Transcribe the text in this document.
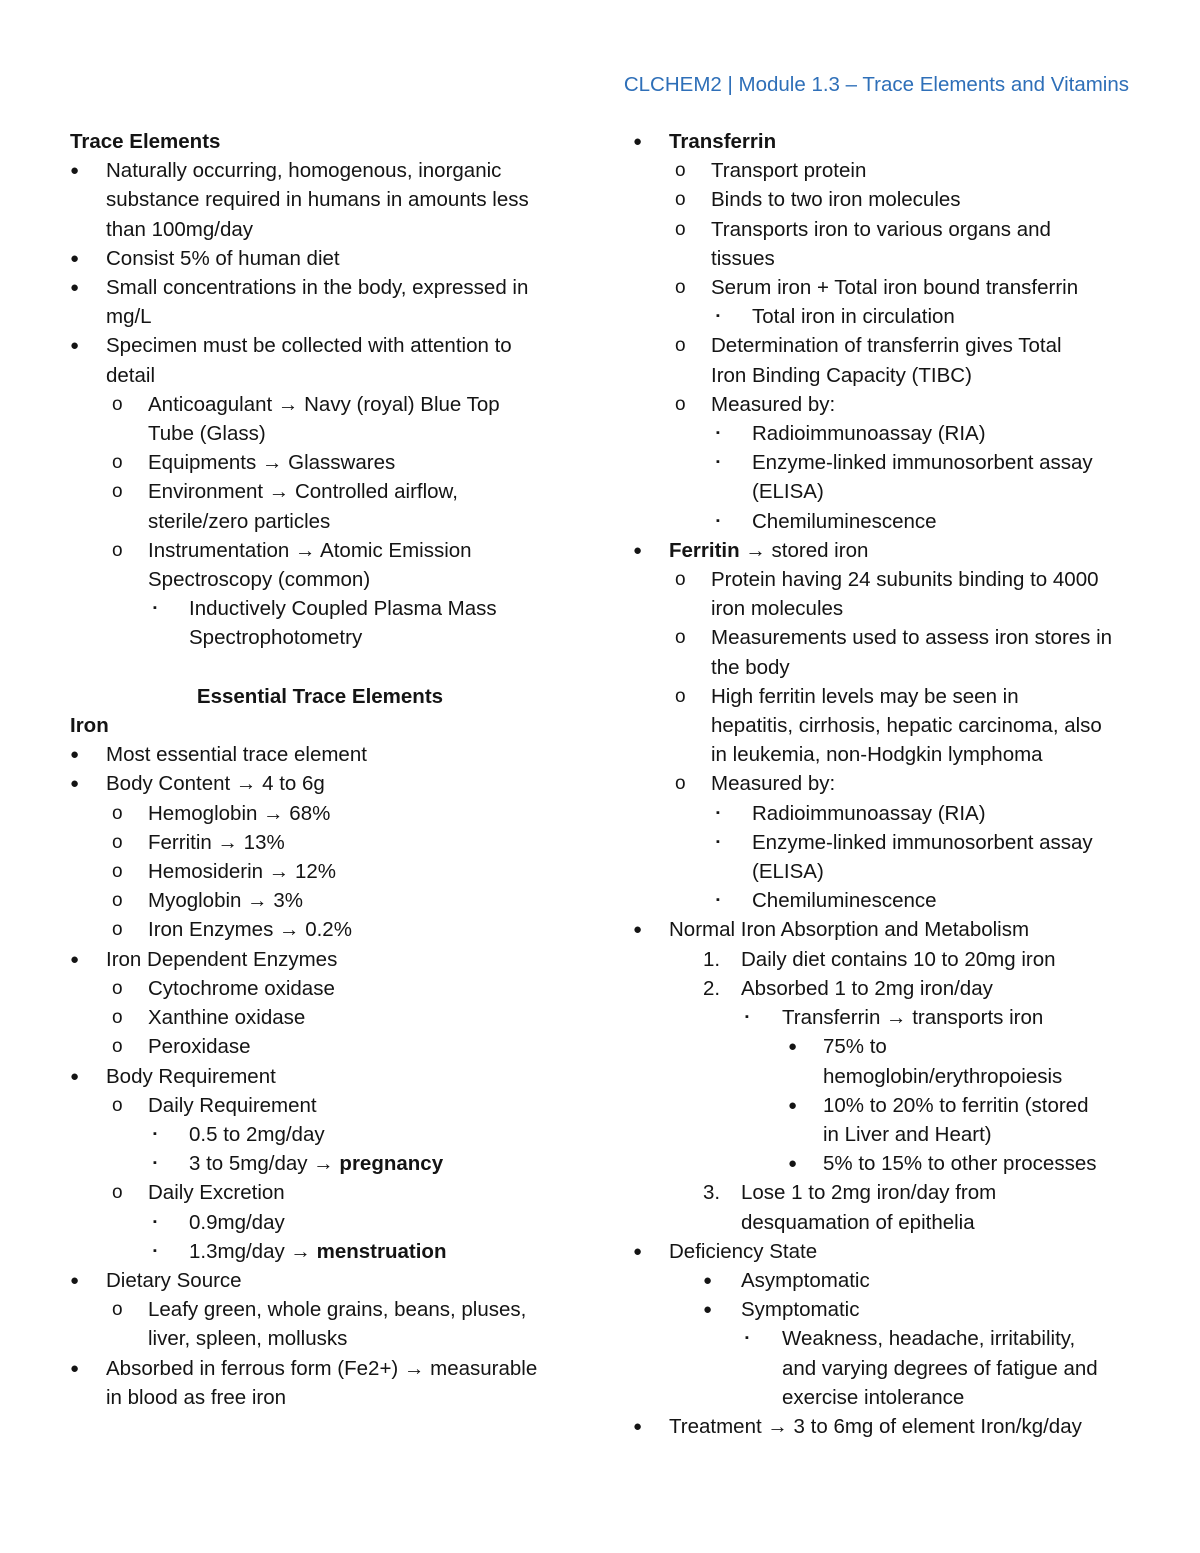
CLCHEM2 | Module 1.3 – Trace Elements and Vitamins
Trace Elements
● Naturally occurring, homogenous, inorganic
substance required in humans in amounts less
than 100mg/day
● Consist 5% of human diet
● Small concentrations in the body, expressed in
mg/L
● Specimen must be collected with attention to
detail
o Anticoagulant → Navy (royal) Blue Top
Tube (Glass)
o Equipments → Glasswares
o Environment → Controlled airflow,
sterile/zero particles
o Instrumentation → Atomic Emission
Spectroscopy (common)
▪ Inductively Coupled Plasma Mass
Spectrophotometry

Essential Trace Elements
Iron
● Most essential trace element
● Body Content → 4 to 6g
o Hemoglobin → 68%
o Ferritin → 13%
o Hemosiderin → 12%
o Myoglobin → 3%
o Iron Enzymes → 0.2%
● Iron Dependent Enzymes
o Cytochrome oxidase
o Xanthine oxidase
o Peroxidase
● Body Requirement
o Daily Requirement
▪ 0.5 to 2mg/day
▪ 3 to 5mg/day → pregnancy
o Daily Excretion
▪ 0.9mg/day
▪ 1.3mg/day → menstruation
● Dietary Source
o Leafy green, whole grains, beans, pluses,
liver, spleen, mollusks
● Absorbed in ferrous form (Fe2+) → measurable
in blood as free iron
● Transferrin
o Transport protein
o Binds to two iron molecules
o Transports iron to various organs and
tissues
o Serum iron + Total iron bound transferrin
▪ Total iron in circulation
o Determination of transferrin gives Total
Iron Binding Capacity (TIBC)
o Measured by:
▪ Radioimmunoassay (RIA)
▪ Enzyme-linked immunosorbent assay
(ELISA)
▪ Chemiluminescence
● Ferritin → stored iron
o Protein having 24 subunits binding to 4000
iron molecules
o Measurements used to assess iron stores in
the body
o High ferritin levels may be seen in
hepatitis, cirrhosis, hepatic carcinoma, also
in leukemia, non-Hodgkin lymphoma
o Measured by:
▪ Radioimmunoassay (RIA)
▪ Enzyme-linked immunosorbent assay
(ELISA)
▪ Chemiluminescence
● Normal Iron Absorption and Metabolism
1. Daily diet contains 10 to 20mg iron
2. Absorbed 1 to 2mg iron/day
▪ Transferrin → transports iron
● 75% to
hemoglobin/erythropoiesis
● 10% to 20% to ferritin (stored
in Liver and Heart)
● 5% to 15% to other processes
3. Lose 1 to 2mg iron/day from
desquamation of epithelia
● Deficiency State
● Asymptomatic
● Symptomatic
▪ Weakness, headache, irritability,
and varying degrees of fatigue and
exercise intolerance
● Treatment → 3 to 6mg of element Iron/kg/day
